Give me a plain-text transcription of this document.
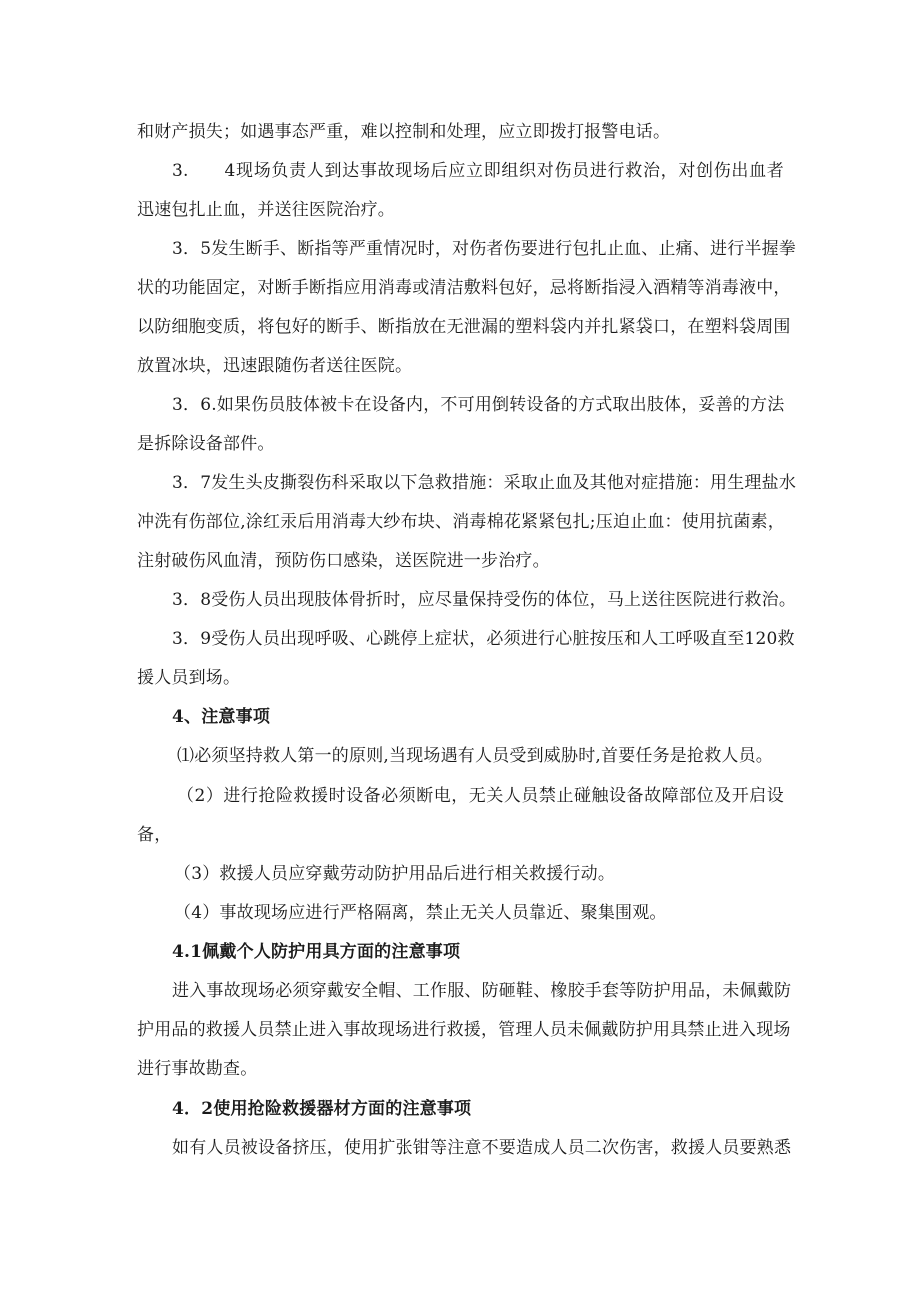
和财产损失；如遇事态严重，难以控制和处理，应立即拨打报警电话。
3.　　4现场负责人到达事故现场后应立即组织对伤员进行救治，对创伤出血者
迅速包扎止血，并送往医院治疗。
3．5发生断手、断指等严重情况时，对伤者伤要进行包扎止血、止痛、进行半握拳
状的功能固定，对断手断指应用消毒或清洁敷料包好，忌将断指浸入酒精等消毒液中，
以防细胞变质，将包好的断手、断指放在无泄漏的塑料袋内并扎紧袋口，在塑料袋周围
放置冰块，迅速跟随伤者送往医院。
3．6.如果伤员肢体被卡在设备内，不可用倒转设备的方式取出肢体，妥善的方法
是拆除设备部件。
3．7发生头皮撕裂伤科采取以下急救措施：采取止血及其他对症措施：用生理盐水
冲洗有伤部位,涂红汞后用消毒大纱布块、消毒棉花紧紧包扎;压迫止血：使用抗菌素，
注射破伤风血清，预防伤口感染，送医院进一步治疗。
3．8受伤人员出现肢体骨折时，应尽量保持受伤的体位，马上送往医院进行救治。
3．9受伤人员出现呼吸、心跳停上症状，必须进行心脏按压和人工呼吸直至120救
援人员到场。
4、注意事项
⑴必须坚持救人第一的原则,当现场遇有人员受到威胁时,首要任务是抢救人员。
（2）进行抢险救援时设备必须断电，无关人员禁止碰触设备故障部位及开启设
备，
（3）救援人员应穿戴劳动防护用品后进行相关救援行动。
（4）事故现场应进行严格隔离，禁止无关人员靠近、聚集围观。
4.1佩戴个人防护用具方面的注意事项
进入事故现场必须穿戴安全帽、工作服、防砸鞋、橡胶手套等防护用品，未佩戴防
护用品的救援人员禁止进入事故现场进行救援，管理人员未佩戴防护用具禁止进入现场
进行事故勘查。
4．2使用抢险救援器材方面的注意事项
如有人员被设备挤压，使用扩张钳等注意不要造成人员二次伤害，救援人员要熟悉
